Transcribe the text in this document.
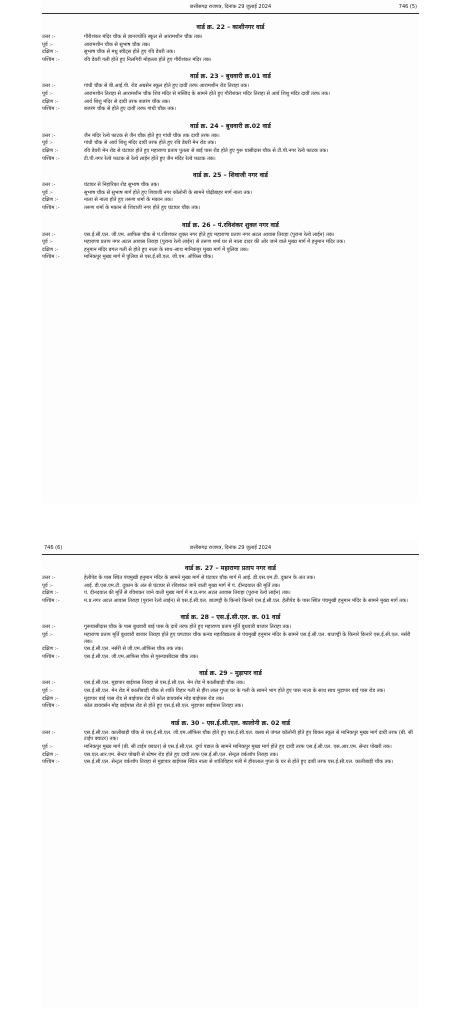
छत्तीसगढ़ राजपत्र, दिनांक 29 जुलाई 2024	746 (5)
वार्ड क्र. 22 – काशीनगर वार्ड
उत्तर :-	गौरीशंकर मंदिर चौक से ज्ञानज्योति स्कूल से आरामशीन चौक तक।
पूर्व :-	आरामशीन चौक से सुभाष चौक तक।
दक्षिण :-	सुभाष चौक से मधु स्वीट्स होते हुए रवि डेयरी तक।
पश्चिम :-	रवि डेयरी गली होते हुए निलगिरी मोहल्ला होते हुए गौरीशंकर मंदिर तक।
वार्ड क्र. 23 – बुधवारी क्र.01 वार्ड
उत्तर :-	गांधी चौक से बी.आई.पी. रोड अग्रसेन स्कूल होते हुए दायीं तरफ आरामशीन रोड तिराहा तक।
पूर्व :-	आरामशीन तिराहा से आरामशीन चौक शिव मंदिर से मस्जिद के सामने होते हुए गौरीशंकर मंदिर तिराहा से आर्य शिशु मंदिर दायीं तरफ तक।
दक्षिण :-	आर्य शिशु मंदिर से दायीं तरफ बजरंग चौक तक।
पश्चिम :-	बजरंग चौक से होते हुए दायीं तरफ गांधी चौक तक।
वार्ड क्र. 24 – बुधवारी क्र.02 वार्ड
उत्तर :-	जैन मंदिर रेल्वे फाटक से जैन चौक होते हुए गांधी चौक तक दायीं तरफ तक।
पूर्व :-	गांधी चौक से आर्य शिशु मंदिर दायीं तरफ होते हुए रवि डेयरी मेन रोड तक।
दक्षिण :-	रवि डेयरी मेन रोड से घंटाघर होते हुए महाराणा प्रताप पुतला से बाईं पास रोड होते हुए गुरू घासीदास चौक से टी.पी.नगर रेल्वे फाटक तक।
पश्चिम :-	टी.पी.नगर रेल्वे फाटक से रेल्वे लाईन होते हुए जैन मंदिर रेल्वे फाटक तक।
वार्ड क्र. 25 – शिवाजी नगर वार्ड
उत्तर :-	घंटाघर से निहारिका रोड सुभाष चौक तक।
पूर्व :-	सुभाष चौक से सुभाष मार्ग होते हुए शिवाजी नगर कॉलोनी के सामने पोढ़ीबाहर मार्ग नाला तक।
दक्षिण :-	नाला से नाला होते हुए तरूण शर्मा के मकान तक।
पश्चिम :-	तरूण शर्मा के मकान से शिवाजी नगर होते हुए घंटाघर चौक तक।
वार्ड क्र. 26 – पं.रविशंकर शुक्ल नगर वार्ड
उत्तर :-	एस.ई.सी.एल. जी.एम. आफिस चौक से पं.रविशंकर शुक्ल नगर होते हुए महाराणा प्रताप नगर अटल आवास तिराहा (पुराना रेल्वे लाईन) तक।
पूर्व :-	महाराणा प्रताप नगर अटल आवास तिराहा (पुराना रेल्वे लाईन) से तरूण शर्मा घर से नाला दादर की ओर जाने वाले मुख्य मार्ग में हनुमान मंदिर तक।
दक्षिण :-	हनुमान मंदिर बगल गली से होते हुए नाला के साथ–साथ मानिकपुर मुख्य मार्ग में पुलिया तक।
पश्चिम :-	मानिकपुर मुख्य मार्ग में पुलिया से एस.ई.सी.एल. जी.एम. ऑफिस चौक।
746 (6)	छत्तीसगढ़ राजपत्र, दिनांक 29 जुलाई 2024
वार्ड क्र. 27 – महाराणा प्रताप नगर वार्ड
उत्तर :-	हेलीपेड के पास स्थित पंचमुखी हनुमान मंदिर के सामने मुख्य मार्ग से घंटाघर चौक मार्ग में आई. डी.एस.एम.टी. दुकान के अंत तक।
पूर्व :-	आई. डी.एस.एम.टी. दुकान के अंत से घंटाघर से रविशंकर जाने वाली मुख्य मार्ग में पं. दीनदयाल की मूर्ति तक।
दक्षिण :-	पं. दीनदयाल की मूर्ति से रविशंकर जाने वाली मुख्य मार्ग में म.प्र.नगर अटल आवास तिराहा (पुराना रेल्वे लाईन) तक।
पश्चिम :-	म.प्र.नगर अटल आवास तिराहा (पुराना रेल्वे लाईन) से एस.ई.सी.एल. बाउण्ड्री के किनारे किनारे एस.ई.सी.एल. हेलीपेड के पास स्थित पंचमुखी हनुमान मंदिर के सामने मुख्य मार्ग तक।
वार्ड क्र. 28 – एस.ई.सी.एल. क्र. 01 वार्ड
उत्तर :-	गुरूघासीदास चौक के पास बुधवारी बाई पास के दायें तरफ होते हुए महाराणा प्रताप मूर्ति बुधवारी बाजार तिराहा तक।
पूर्व :-	महाराणा प्रताप मूर्ति बुधवारी बाजार तिराहा होते हुए घण्टाघर चौक कन्या महाविद्यालय से पंचमुखी हनुमान मंदिर के सामने एस.ई.सी.एल. बाउण्ड्री के किनारे किनारे एस.ई.सी.एल. नर्सरी तक।
दक्षिण :-	एस.ई.सी.एल. नर्सरी से जी.एम.ऑफिस चौक तक तक।
पश्चिम :-	एस.ई.सी.एल. जी.एम.आफिस चौक से गुरूघासीदास चौक तक।
वार्ड क्र. 29 – मुड़ापार वार्ड
उत्तर :-	एस.ई.सी.एल. मुड़ापार बाईपास तिराहा से एस.ई.सी.एल. मेन रोड में कालीबाड़ी चौक तक।
पूर्व :-	एस.ई.सी.एल. मेन रोड में कालीबाड़ी चौक से शांति विहार गली से हीरा लाल गुप्ता घर के गली के सामने भाग होते हुए पास नाला के साथ साथ मुड़ापार बाई पास रोड तक।
दक्षिण :-	मुड़ापार बाई पास रोड से बाईपास रोड में कोल डायवर्सन मोड़ बाईपास रोड तक।
पश्चिम :-	कोल डायवर्सन मोड़ बाईपास रोड से होते हुए एस.ई.सी.एल. मुड़ापार बाईपास तिराहा तक।
वार्ड क्र. 30 – एस.ई.सी.एल. कालोनी क्र. 02 वार्ड
उत्तर :-	एस.ई.सी.एल. कालीबाड़ी चौक से एस.ई.सी.एल. जी.एम.ऑफिस चौक होते हुए एस.ई.सी.एल. क्लब से जंगल कॉलोनी होते हुए बिकन स्कूल से मानिकपुर मुख्य मार्ग दायीं तरफ (बी. सी टाईप क्वाटर) तक।
पूर्व :-	मानिकपुर मुख्य मार्ग (बी. सी टाईप क्वाटर) से एस.ई.सी.एल. दुर्गा पंडाल के सामने मानिकपुर मुख्य मार्ग होते हुए दायीं तरफ एस.ई.सी.एल. एस.आर.एम. सेन्टर पोखरी तक।
दक्षिण :-	एस.एल.आर.एम. सेन्टर पोखरी से स्टेषन रोड होते हुए दायीं तरफ एस.ई.सी.एल. सेन्ट्रल वर्कशॉप तिराहा तक।
पश्चिम :-	एस.ई.सी.एल. सेन्ट्रल वर्कशॉप तिराहा से मुड़ापार बाईपास स्थित नाला से शांतिविहार गली में हीरालाल गुप्ता के घर से होते हुए दायीं तरफ एस.ई.सी.एल. कालीबाड़ी चौक तक।
